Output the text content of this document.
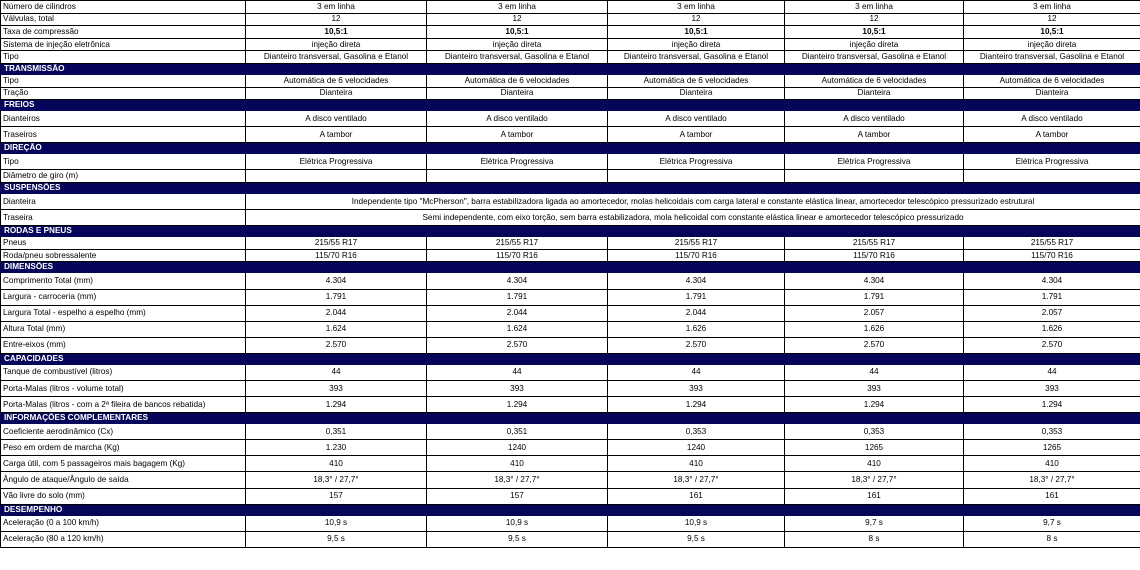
Número de cilindros	3 em linha	3 em linha	3 em linha	3 em linha	3 em linha
Válvulas, total	12	12	12	12	12
Taxa de compressão	10,5:1	10,5:1	10,5:1	10,5:1	10,5:1
Sistema de injeção eletrônica	injeção direta	injeção direta	injeção direta	injeção direta	injeção direta
Tipo	Dianteiro transversal, Gasolina e Etanol	Dianteiro transversal, Gasolina e Etanol	Dianteiro transversal, Gasolina e Etanol	Dianteiro transversal, Gasolina e Etanol	Dianteiro transversal, Gasolina e Etanol
TRANSMISSÃO					
Tipo	Automática de 6 velocidades	Automática de 6 velocidades	Automática de 6 velocidades	Automática de 6 velocidades	Automática de 6 velocidades
Tração	Dianteira	Dianteira	Dianteira	Dianteira	Dianteira
FREIOS					
Dianteiros	A disco ventilado	A disco ventilado	A disco ventilado	A disco ventilado	A disco ventilado
Traseiros	A tambor	A tambor	A tambor	A tambor	A tambor
DIREÇÃO					
Tipo	Elétrica Progressiva	Elétrica Progressiva	Elétrica Progressiva	Elétrica Progressiva	Elétrica Progressiva
Diâmetro de giro (m)					
SUSPENSÕES					
Dianteira	Independente tipo "McPherson", barra estabilizadora ligada ao amortecedor, molas helicoidais com carga lateral e constante elástica linear, amortecedor telescópico pressurizado estrutural				
Traseira	Semi independente, com eixo torção, sem barra estabilizadora, mola helicoidal com constante elástica linear e amortecedor telescópico pressurizado				
RODAS E PNEUS					
Pneus	215/55 R17	215/55 R17	215/55 R17	215/55 R17	215/55 R17
Roda/pneu sobressalente	115/70 R16	115/70 R16	115/70 R16	115/70 R16	115/70 R16
DIMENSÕES					
Comprimento Total (mm)	4.304	4.304	4.304	4.304	4.304
Largura - carroceria (mm)	1.791	1.791	1.791	1.791	1.791
Largura Total - espelho a espelho (mm)	2.044	2.044	2.044	2.057	2.057
Altura Total (mm)	1.624	1.624	1.626	1.626	1.626
Entre-eixos (mm)	2.570	2.570	2.570	2.570	2.570
CAPACIDADES					
Tanque de combustível (litros)	44	44	44	44	44
Porta-Malas (litros - volume total)	393	393	393	393	393
Porta-Malas (litros - com a 2ª fileira de bancos rebatida)	1.294	1.294	1.294	1.294	1.294
INFORMAÇÕES COMPLEMENTARES					
Coeficiente aerodinâmico (Cx)	0,351	0,351	0,353	0,353	0,353
Peso em ordem de marcha (Kg)	1.230	1240	1240	1265	1265
Carga útil, com 5 passageiros mais bagagem (Kg)	410	410	410	410	410
Ângulo de ataque/Ângulo de saída	18,3° / 27,7°	18,3° / 27,7°	18,3° / 27,7°	18,3° / 27,7°	18,3° / 27,7°
Vão livre do solo (mm)	157	157	161	161	161
DESEMPENHO					
Aceleração (0 a 100 km/h)	10,9 s	10,9 s	10,9 s	9,7 s	9,7 s
Aceleração (80 a 120 km/h)	9,5 s	9,5 s	9,5 s	8 s	8 s
